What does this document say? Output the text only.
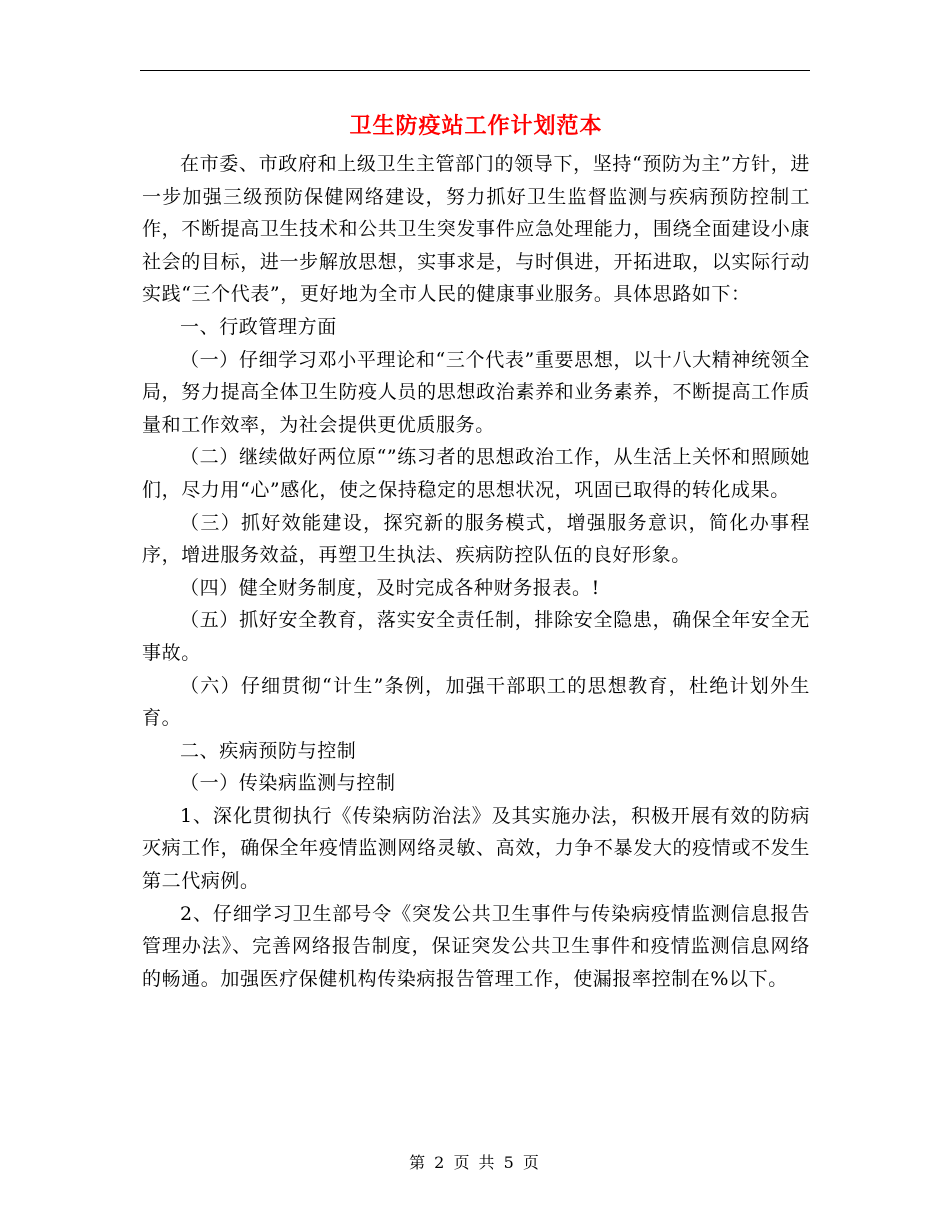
卫生防疫站工作计划范本

在市委、市政府和上级卫生主管部门的领导下，坚持“预防为主”方针，进一步加强三级预防保健网络建设，努力抓好卫生监督监测与疾病预防控制工作，不断提高卫生技术和公共卫生突发事件应急处理能力，围绕全面建设小康社会的目标，进一步解放思想，实事求是，与时俱进，开拓进取，以实际行动实践“三个代表”，更好地为全市人民的健康事业服务。具体思路如下：

一、行政管理方面

（一）仔细学习邓小平理论和“三个代表”重要思想，以十八大精神统领全局，努力提高全体卫生防疫人员的思想政治素养和业务素养，不断提高工作质量和工作效率，为社会提供更优质服务。

（二）继续做好两位原“”练习者的思想政治工作，从生活上关怀和照顾她们，尽力用“心”感化，使之保持稳定的思想状况，巩固已取得的转化成果。

（三）抓好效能建设，探究新的服务模式，增强服务意识，简化办事程序，增进服务效益，再塑卫生执法、疾病防控队伍的良好形象。

（四）健全财务制度，及时完成各种财务报表。!

（五）抓好安全教育，落实安全责任制，排除安全隐患，确保全年安全无事故。

（六）仔细贯彻“计生”条例，加强干部职工的思想教育，杜绝计划外生育。

二、疾病预防与控制

（一）传染病监测与控制

1、深化贯彻执行《传染病防治法》及其实施办法，积极开展有效的防病灭病工作，确保全年疫情监测网络灵敏、高效，力争不暴发大的疫情或不发生第二代病例。

2、仔细学习卫生部号令《突发公共卫生事件与传染病疫情监测信息报告管理办法》、完善网络报告制度，保证突发公共卫生事件和疫情监测信息网络的畅通。加强医疗保健机构传染病报告管理工作，使漏报率控制在%以下。

第 2 页 共 5 页
